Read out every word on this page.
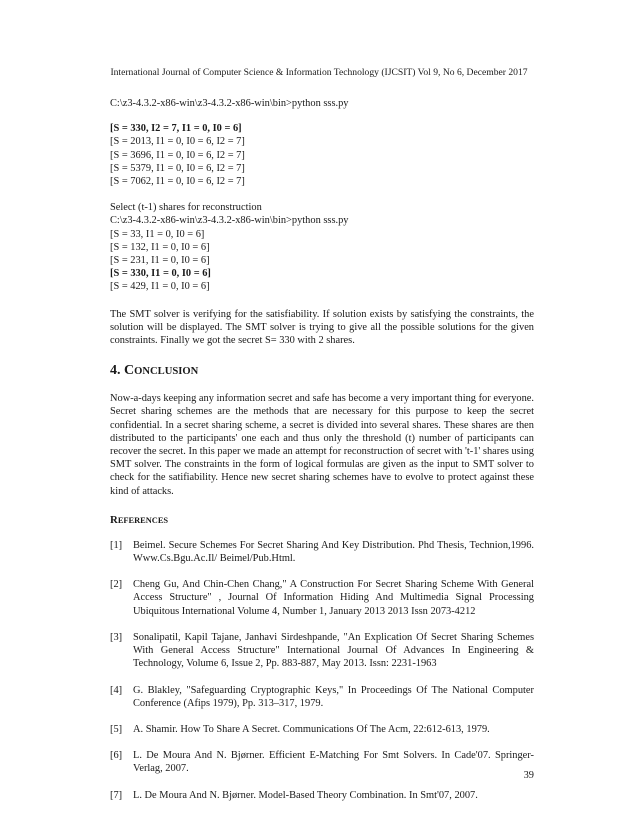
International Journal of Computer Science & Information Technology (IJCSIT) Vol 9, No 6, December 2017

C:\z3-4.3.2-x86-win\z3-4.3.2-x86-win\bin>python sss.py

[S = 330, I2 = 7, I1 = 0, I0 = 6]

[S = 2013, I1 = 0, I0 = 6, I2 = 7]

[S = 3696, I1 = 0, I0 = 6, I2 = 7]

[S = 5379, I1 = 0, I0 = 6, I2 = 7]

[S = 7062, I1 = 0, I0 = 6, I2 = 7]

Select (t-1) shares for reconstruction

C:\z3-4.3.2-x86-win\z3-4.3.2-x86-win\bin>python sss.py

[S = 33, I1 = 0, I0 = 6]

[S = 132, I1 = 0, I0 = 6]

[S = 231, I1 = 0, I0 = 6]

[S = 330, I1 = 0, I0 = 6]

[S = 429, I1 = 0, I0 = 6]

The SMT solver is verifying for the satisfiability. If solution exists by satisfying the constraints, the solution will be displayed. The SMT solver is trying to give all the possible solutions for the given constraints. Finally we got the secret S= 330 with 2 shares.

4. CONCLUSION

Now-a-days keeping any information secret and safe has become a very important thing for everyone. Secret sharing schemes are the methods that are necessary for this purpose to keep the secret confidential. In a secret sharing scheme, a secret is divided into several shares. These shares are then distributed to the participants' one each and thus only the threshold (t) number of participants can recover the secret. In this paper we made an attempt for reconstruction of secret with 't-1' shares using SMT solver. The constraints in the form of logical formulas are given as the input to SMT solver to check for the satifiability. Hence new secret sharing schemes have to evolve to protect against these kind of attacks.

REFERENCES

[1]	Beimel. Secure Schemes For Secret Sharing And Key Distribution. Phd Thesis, Technion,1996. Www.Cs.Bgu.Ac.Il/ Beimel/Pub.Html.
[2]	Cheng Gu, And Chin-Chen Chang," A Construction For Secret Sharing Scheme With General Access Structure" , Journal Of Information Hiding And Multimedia Signal Processing Ubiquitous International Volume 4, Number 1, January 2013 2013 Issn 2073-4212
[3]	Sonalipatil, Kapil Tajane, Janhavi Sirdeshpande, "An Explication Of Secret Sharing Schemes With General Access Structure" International Journal Of Advances In Engineering & Technology, Volume 6, Issue 2, Pp. 883-887, May 2013. Issn: 2231-1963
[4]	G. Blakley, "Safeguarding Cryptographic Keys," In Proceedings Of The National Computer Conference (Afips 1979), Pp. 313–317, 1979.
[5]	A. Shamir. How To Share A Secret. Communications Of The Acm, 22:612-613, 1979.
[6]	L. De Moura And N. Bjørner. Efficient E-Matching For Smt Solvers. In Cade'07. Springer-Verlag, 2007.
[7]	L. De Moura And N. Bjørner. Model-Based Theory Combination. In Smt'07, 2007.
39
